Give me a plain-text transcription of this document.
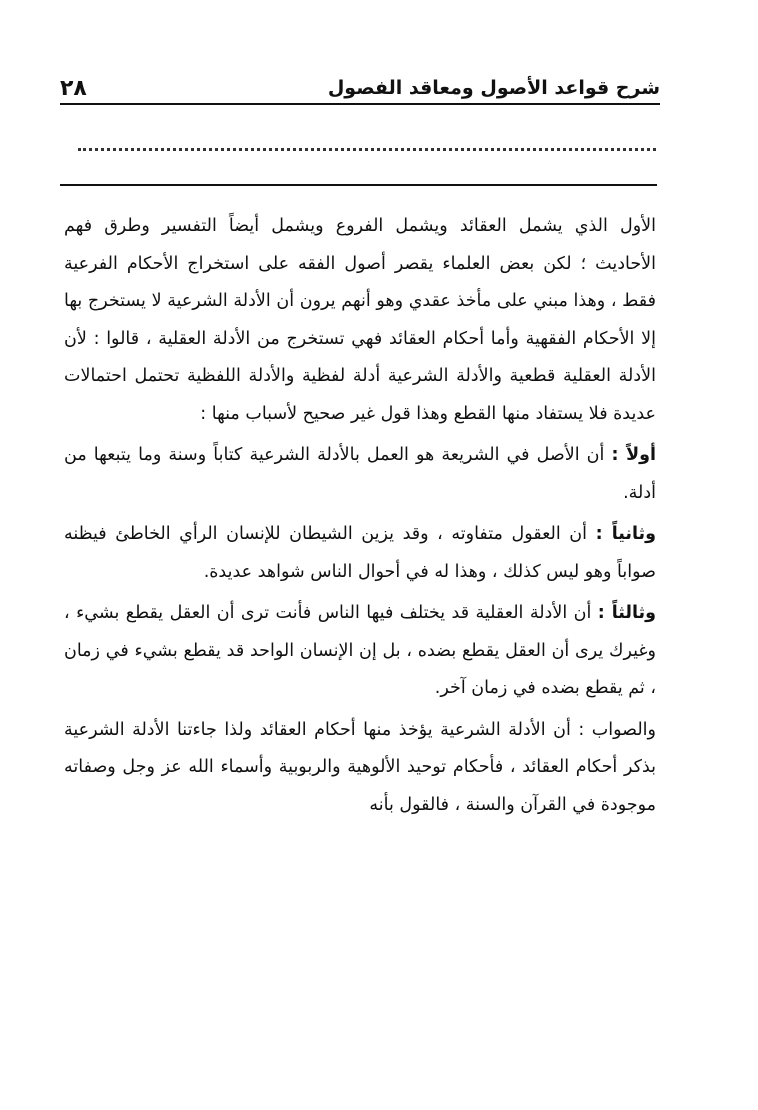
شرح قواعد الأصول ومعاقد الفصول
٢٨

الأول الذي يشمل العقائد ويشمل الفروع ويشمل أيضاً التفسير وطرق فهم الأحاديث ؛ لكن بعض العلماء يقصر أصول الفقه على استخراج الأحكام الفرعية فقط ، وهذا مبني على مأخذ عقدي وهو أنهم يرون أن الأدلة الشرعية لا يستخرج بها إلا الأحكام الفقهية وأما أحكام العقائد فهي تستخرج من الأدلة العقلية ، قالوا : لأن الأدلة العقلية قطعية والأدلة الشرعية أدلة لفظية والأدلة اللفظية تحتمل احتمالات عديدة فلا يستفاد منها القطع وهذا قول غير صحيح لأسباب منها :

أولاً : أن الأصل في الشريعة هو العمل بالأدلة الشرعية كتاباً وسنة وما يتبعها من أدلة.

وثانياً : أن العقول متفاوته ، وقد يزين الشيطان للإنسان الرأي الخاطئ فيظنه صواباً وهو ليس كذلك ، وهذا له في أحوال الناس شواهد عديدة.

وثالثاً : أن الأدلة العقلية قد يختلف فيها الناس فأنت ترى أن العقل يقطع بشيء ، وغيرك يرى أن العقل يقطع بضده ، بل إن الإنسان الواحد قد يقطع بشيء في زمان ، ثم يقطع بضده في زمان آخر.

والصواب : أن الأدلة الشرعية يؤخذ منها أحكام العقائد ولذا جاءتنا الأدلة الشرعية بذكر أحكام العقائد ، فأحكام توحيد الألوهية والربوبية وأسماء الله عز وجل وصفاته موجودة في القرآن والسنة ، فالقول بأنه
